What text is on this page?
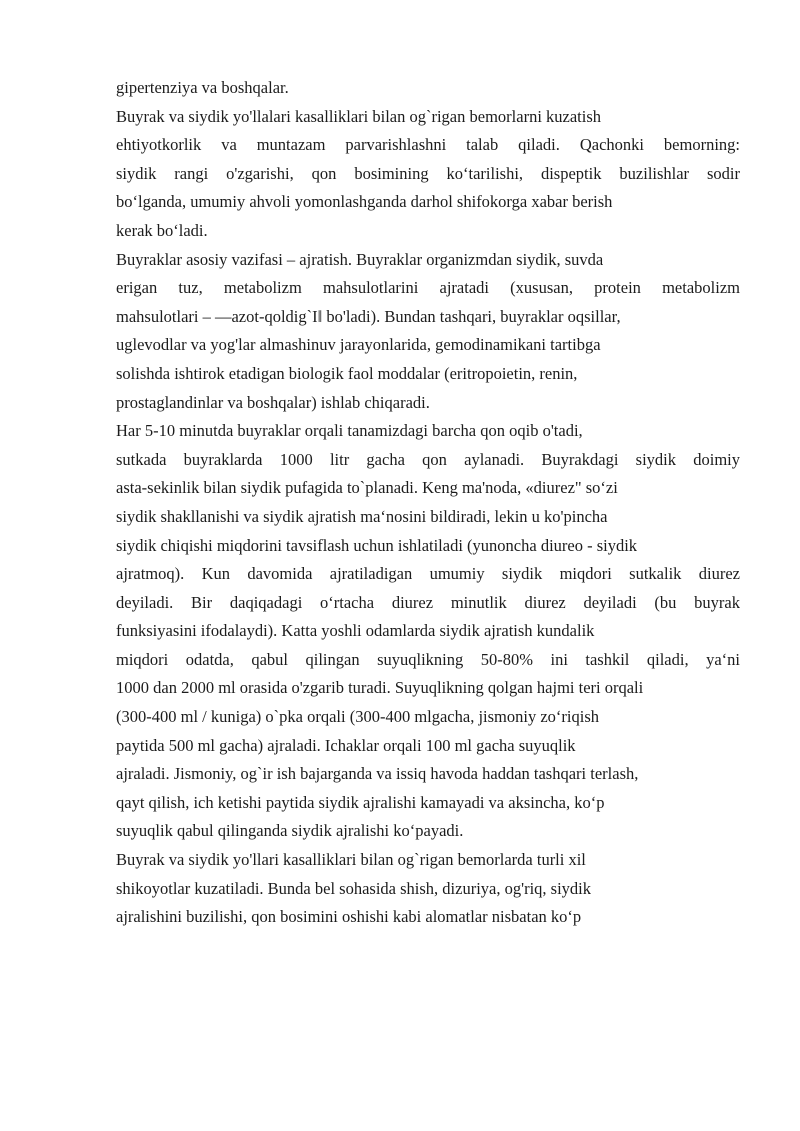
gipertenziya va boshqalar.
Buyrak va siydik yo'llalari kasalliklari bilan og`rigan bemorlarni kuzatish
ehtiyotkorlik va muntazam parvarishlashni talab qiladi. Qachonki bemorning:
siydik rangi o'zgarishi, qon bosimining ko‘tarilishi, dispeptik buzilishlar sodir
bo‘lganda, umumiy ahvoli yomonlashganda darhol shifokorga xabar berish
kerak bo‘ladi.
Buyraklar asosiy vazifasi – ajratish. Buyraklar organizmdan siydik, suvda
erigan tuz, metabolizm mahsulotlarini ajratadi (xususan, protein metabolizm
mahsulotlari – ―azot-qoldig`I‖ bo'ladi). Bundan tashqari, buyraklar oqsillar,
uglevodlar va yog'lar almashinuv jarayonlarida, gemodinamikani tartibga
solishda ishtirok etadigan biologik faol moddalar (eritropoietin, renin,
prostaglandinlar va boshqalar) ishlab chiqaradi.
Har 5-10 minutda buyraklar orqali tanamizdagi barcha qon oqib o'tadi,
sutkada buyraklarda 1000 litr gacha qon aylanadi. Buyrakdagi siydik doimiy
asta-sekinlik bilan siydik pufagida to`planadi. Keng ma'noda, «diurez" so‘zi
siydik shakllanishi va siydik ajratish ma‘nosini bildiradi, lekin u ko'pincha
siydik chiqishi miqdorini tavsiflash uchun ishlatiladi (yunoncha diureo - siydik
ajratmoq). Kun davomida ajratiladigan umumiy siydik miqdori sutkalik diurez
deyiladi. Bir daqiqadagi o‘rtacha diurez minutlik diurez deyiladi (bu buyrak
funksiyasini ifodalaydi). Katta yoshli odamlarda siydik ajratish kundalik
miqdori odatda, qabul qilingan suyuqlikning 50-80% ini tashkil qiladi, ya‘ni
1000 dan 2000 ml orasida o'zgarib turadi. Suyuqlikning qolgan hajmi teri orqali
(300-400 ml / kuniga) o`pka orqali (300-400 mlgacha, jismoniy zo‘riqish
paytida 500 ml gacha) ajraladi. Ichaklar orqali 100 ml gacha suyuqlik
ajraladi. Jismoniy, og`ir ish bajarganda va issiq havoda haddan tashqari terlash,
qayt qilish, ich ketishi paytida siydik ajralishi kamayadi va aksincha, ko‘p
suyuqlik qabul qilinganda siydik ajralishi ko‘payadi.
Buyrak va siydik yo'llari kasalliklari bilan og`rigan bemorlarda turli xil
shikoyotlar kuzatiladi. Bunda bel sohasida shish, dizuriya, og'riq, siydik
ajralishini buzilishi, qon bosimini oshishi kabi alomatlar nisbatan ko‘p
